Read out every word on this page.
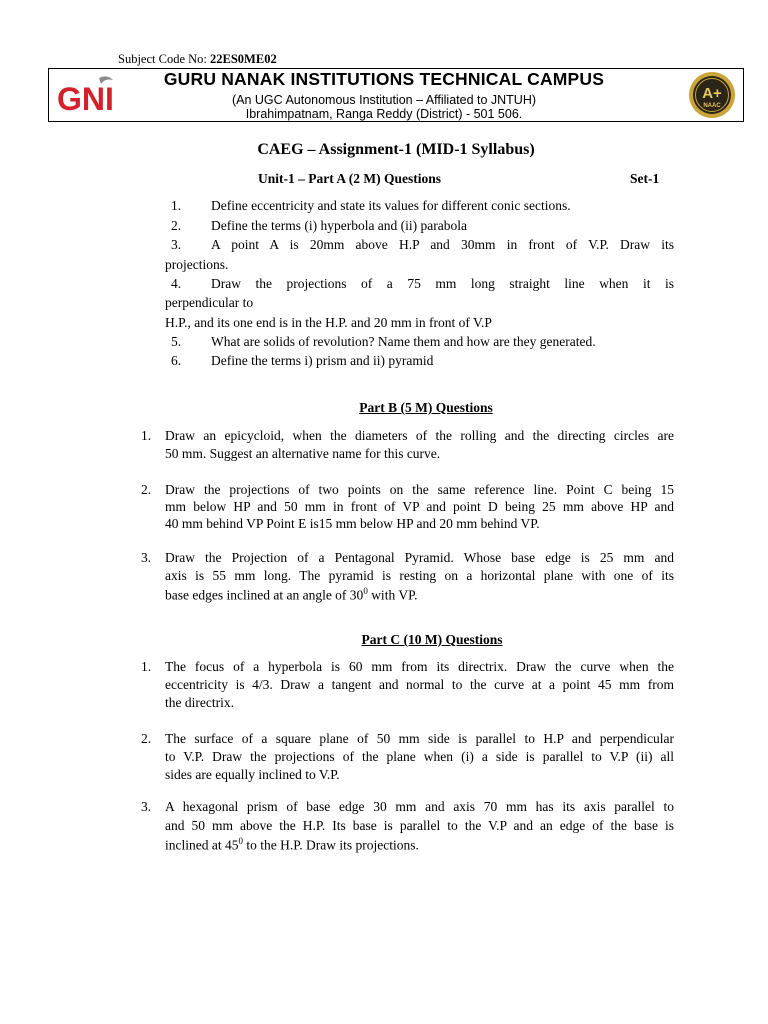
Subject Code No: 22ES0ME02
GNI	A+
NAAC
GURU NANAK INSTITUTIONS TECHNICAL CAMPUS
(An UGC Autonomous Institution – Affiliated to JNTUH)
Ibrahimpatnam, Ranga Reddy (District) - 501 506.
CAEG – Assignment-1 (MID-1 Syllabus)
Unit-1 – Part A (2 M) Questions	Set-1
1. Define eccentricity and state its values for different conic sections.
2. Define the terms (i) hyperbola and (ii) parabola
3. A point A is 20mm above H.P and 30mm in front of V.P. Draw its
projections.
4. Draw the projections of a 75 mm long straight line when it is
perpendicular to
H.P., and its one end is in the H.P. and 20 mm in front of V.P
5. What are solids of revolution? Name them and how are they generated.
6. Define the terms i) prism and ii) pyramid
Part B (5 M) Questions
1. Draw an epicycloid, when the diameters of the rolling and the directing circles are
50 mm. Suggest an alternative name for this curve.
2. Draw the projections of two points on the same reference line. Point C being 15
mm below HP and 50 mm in front of VP and point D being 25 mm above HP and
40 mm behind VP Point E is15 mm below HP and 20 mm behind VP.
3. Draw the Projection of a Pentagonal Pyramid. Whose base edge is 25 mm and
axis is 55 mm long. The pyramid is resting on a horizontal plane with one of its
base edges inclined at an angle of $30^0$ with VP.
Part C (10 M) Questions
1. The focus of a hyperbola is 60 mm from its directrix. Draw the curve when the
eccentricity is 4/3. Draw a tangent and normal to the curve at a point 45 mm from
the directrix.
2. The surface of a square plane of 50 mm side is parallel to H.P and perpendicular
to V.P. Draw the projections of the plane when (i) a side is parallel to V.P (ii) all
sides are equally inclined to V.P.
3. A hexagonal prism of base edge 30 mm and axis 70 mm has its axis parallel to
and 50 mm above the H.P. Its base is parallel to the V.P and an edge of the base is
inclined at $45^0$ to the H.P. Draw its projections.
